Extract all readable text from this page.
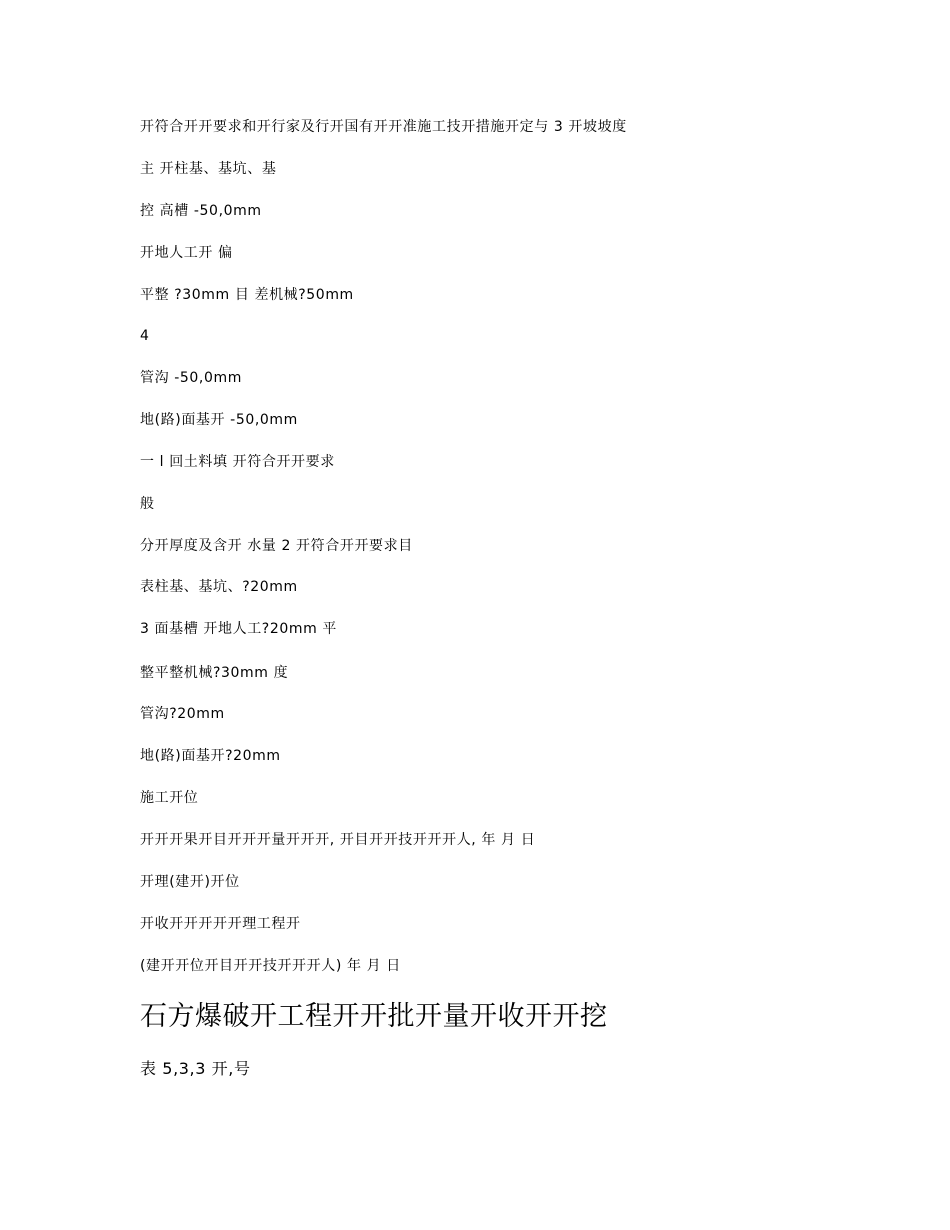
开符合开开要求和开行家及行开国有开开准施工技开措施开定与 3 开坡坡度
主 开柱基、基坑、基
控 高槽 -50,0mm
开地人工开 偏
平整 ?30mm 目 差机械?50mm
4
管沟 -50,0mm
地(路)面基开 -50,0mm
一 l 回土料填 开符合开开要求
般
分开厚度及含开 水量 2 开符合开开要求目
表柱基、基坑、?20mm
3 面基槽 开地人工?20mm 平
整平整机械?30mm 度
管沟?20mm
地(路)面基开?20mm
施工开位
开开开果开目开开开量开开开, 开目开开技开开开人, 年 月 日
开理(建开)开位
开收开开开开开理工程开
(建开开位开目开开技开开开人) 年 月 日
石方爆破开工程开开批开量开收开开挖
表 5,3,3 开,号
